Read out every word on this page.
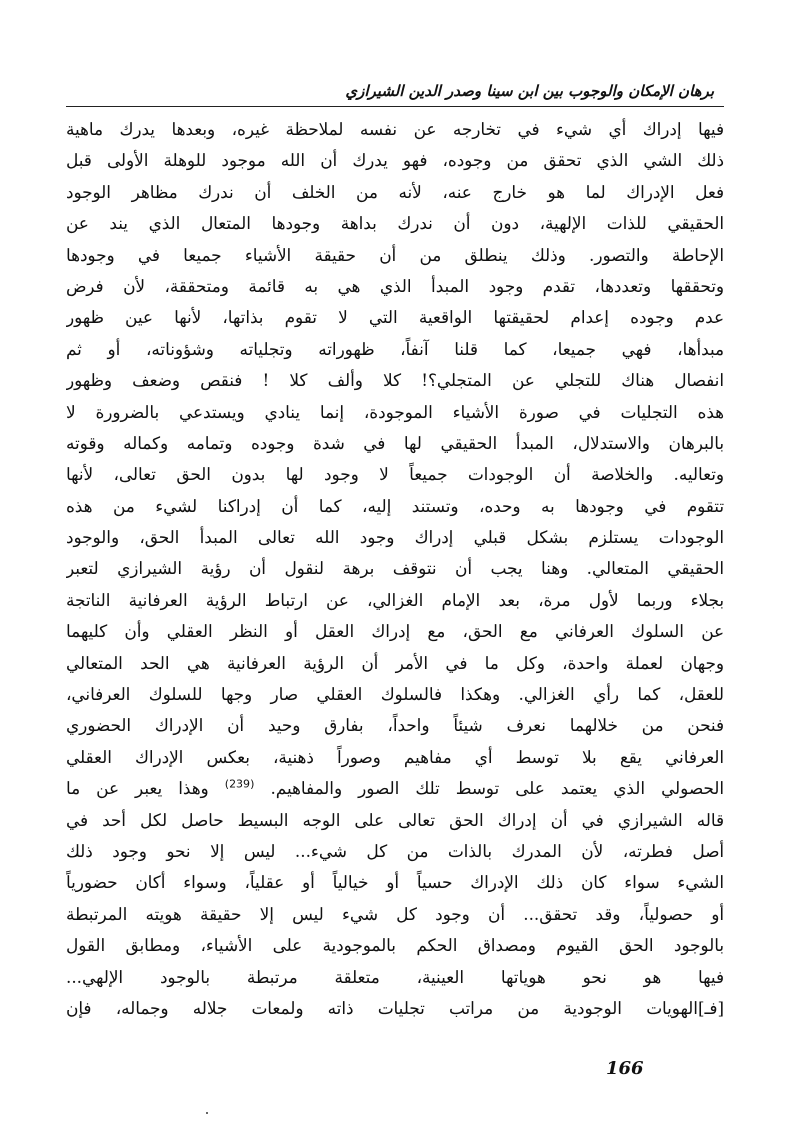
برهان الإمكان والوجوب بين ابن سينا وصدر الدين الشيرازي
فيها إدراك أي شيء في تخارجه عن نفسه لملاحظة غيره، وبعدها يدرك ماهية
ذلك الشي الذي تحقق من وجوده، فهو يدرك أن الله موجود للوهلة الأولى قبل
فعل الإدراك لما هو خارج عنه، لأنه من الخلف أن ندرك مظاهر الوجود
الحقيقي للذات الإلهية، دون أن ندرك بداهة وجودها المتعال الذي يند عن
الإحاطة والتصور. وذلك ينطلق من أن حقيقة الأشياء جميعا في وجودها
وتحققها وتعددها، تقدم وجود المبدأ الذي هي به قائمة ومتحققة، لأن فرض
عدم وجوده إعدام لحقيقتها الواقعية التي لا تقوم بذاتها، لأنها عين ظهور
مبدأها، فهي جميعا، كما قلنا آنفاً، ظهوراته وتجلياته وشؤوناته، أو ثم
انفصال هناك للتجلي عن المتجلي؟! كلا وألف كلا ! فنقص وضعف وظهور
هذه التجليات في صورة الأشياء الموجودة، إنما ينادي ويستدعي بالضرورة لا
بالبرهان والاستدلال، المبدأ الحقيقي لها في شدة وجوده وتمامه وكماله وقوته
وتعاليه. والخلاصة أن الوجودات جميعاً لا وجود لها بدون الحق تعالى، لأنها
تتقوم في وجودها به وحده، وتستند إليه، كما أن إدراكنا لشيء من هذه
الوجودات يستلزم بشكل قبلي إدراك وجود الله تعالى المبدأ الحق، والوجود
الحقيقي المتعالي. وهنا يجب أن نتوقف برهة لنقول أن رؤية الشيرازي لتعبر
بجلاء وربما لأول مرة، بعد الإمام الغزالي، عن ارتباط الرؤية العرفانية الناتجة
عن السلوك العرفاني مع الحق، مع إدراك العقل أو النظر العقلي وأن كليهما
وجهان لعملة واحدة، وكل ما في الأمر أن الرؤية العرفانية هي الحد المتعالي
للعقل، كما رأي الغزالي. وهكذا فالسلوك العقلي صار وجها للسلوك العرفاني،
فنحن من خلالهما نعرف شيئاً واحداً، بفارق وحيد أن الإدراك الحضوري
العرفاني يقع بلا توسط أي مفاهيم وصوراً ذهنية، بعكس الإدراك العقلي
الحصولي الذي يعتمد على توسط تلك الصور والمفاهيم. $^{(239)}$ وهذا يعبر عن ما
قاله الشيرازي في أن إدراك الحق تعالى على الوجه البسيط حاصل لكل أحد في
أصل فطرته، لأن المدرك بالذات من كل شيء... ليس إلا نحو وجود ذلك
الشيء سواء كان ذلك الإدراك حسياً أو خيالياً أو عقلياً، وسواء أكان حضورياً
أو حصولياً، وقد تحقق... أن وجود كل شيء ليس إلا حقيقة هويته المرتبطة
بالوجود الحق القيوم ومصداق الحكم بالموجودية على الأشياء، ومطابق القول
فيها هو نحو هوياتها العينية، متعلقة مرتبطة بالوجود الإلهي...
[فـ]الهويات الوجودية من مراتب تجليات ذاته ولمعات جلاله وجماله، فإن
166
